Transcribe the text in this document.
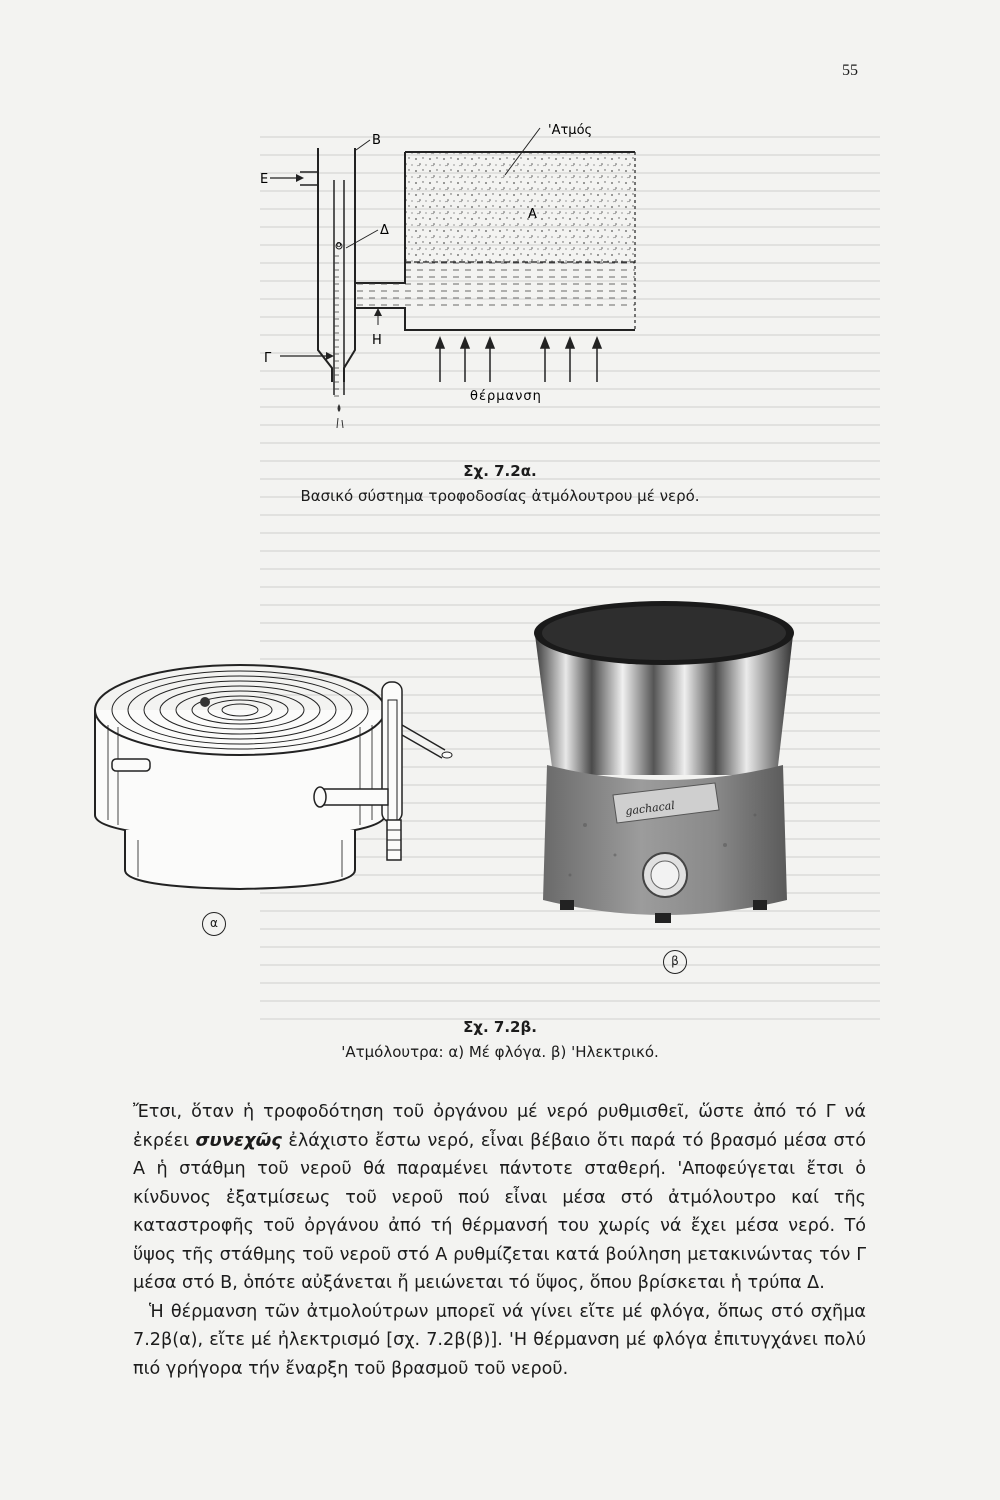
55
'Ατμός
B
E
A
Δ
o
H
Γ
θέρμανση
Σχ. 7.2α.
Βασικό σύστημα τροφοδοσίας ἀτμόλουτρου μέ νερό.
α
gachacal
β
Σχ. 7.2β.
'Ατμόλουτρα: α) Μέ φλόγα. β) 'Ηλεκτρικό.

Ἔτσι, ὅταν ἡ τροφοδότηση τοῦ ὀργάνου μέ νερό ρυθμισθεῖ, ὥστε ἀπό τό Γ νά ἐκρέει συνεχῶς ἐλάχιστο ἔστω νερό, εἶναι βέβαιο ὅτι παρά τό βρασμό μέσα στό Α ἡ στάθμη τοῦ νεροῦ θά παραμένει πάντοτε σταθερή. 'Αποφεύγεται ἔτσι ὁ κίνδυνος ἐξατμίσεως τοῦ νεροῦ πού εἶναι μέσα στό ἀτμόλουτρο καί τῆς καταστροφῆς τοῦ ὀργάνου ἀπό τή θέρμανσή του χωρίς νά ἔχει μέσα νερό. Τό ὕψος τῆς στάθμης τοῦ νεροῦ στό Α ρυθμίζεται κατά βούληση μετακινώντας τόν Γ μέσα στό Β, ὁπότε αὐξάνεται ἤ μειώνεται τό ὕψος, ὅπου βρίσκεται ἡ τρύπα Δ.

Ἡ θέρμανση τῶν ἀτμολούτρων μπορεῖ νά γίνει εἴτε μέ φλόγα, ὅπως στό σχῆμα 7.2β(α), εἴτε μέ ἠλεκτρισμό [σχ. 7.2β(β)]. 'Η θέρμανση μέ φλόγα ἐπιτυγχάνει πολύ πιό γρήγορα τήν ἔναρξη τοῦ βρασμοῦ τοῦ νεροῦ.
